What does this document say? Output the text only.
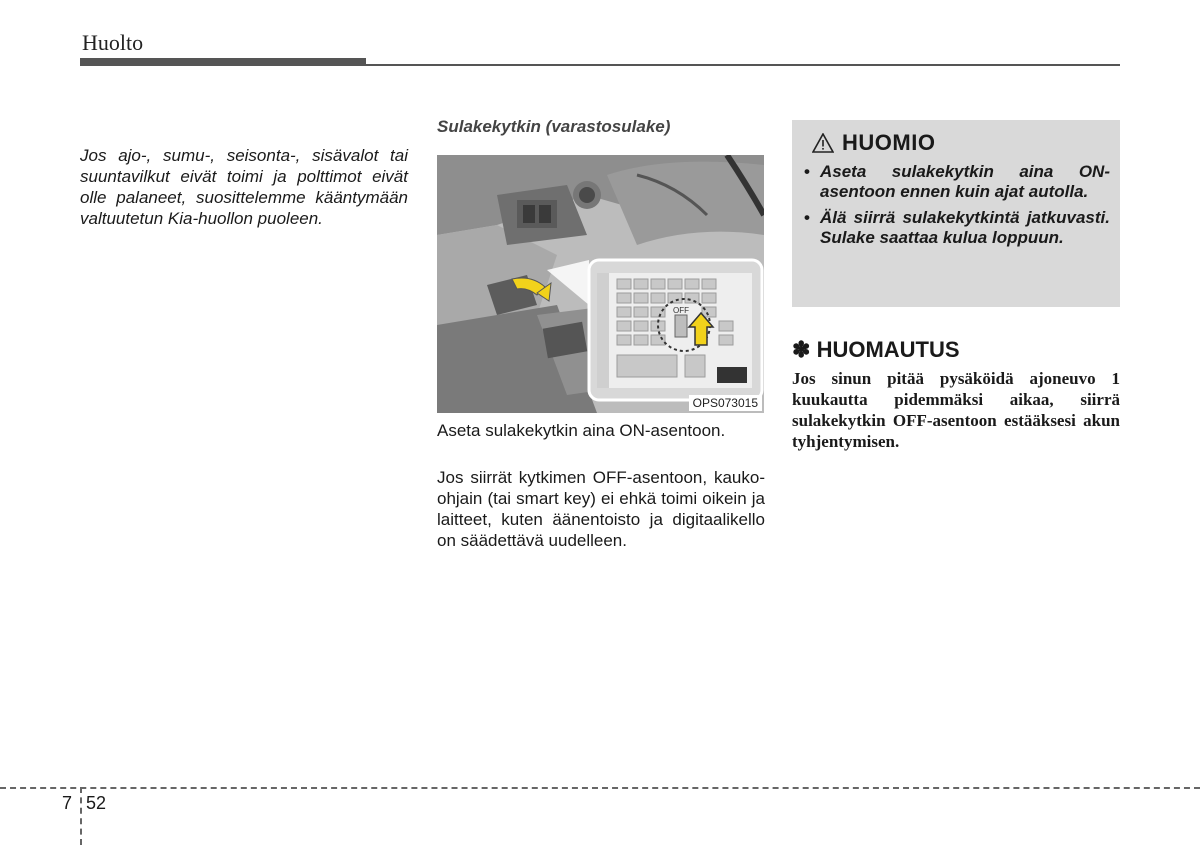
Huolto
Jos ajo-, sumu-, seisonta-, sisävalot tai suuntavilkut eivät toimi ja polttimot eivät olle palaneet, suosittelemme kääntymään valtuutetun Kia-huollon puoleen.
Sulakekytkin (varastosulake)
OFF
OPS073015
Aseta sulakekytkin aina ON-asentoon.
Jos siirrät kytkimen OFF-asentoon, kauko-ohjain (tai smart key) ei ehkä toimi oikein ja laitteet, kuten äänentoisto ja digitaalikello on säädettävä uudelleen.
HUOMIO
• Aseta sulakekytkin aina ON-asentoon ennen kuin ajat autolla.
• Älä siirrä sulakekytkintä jatkuvasti. Sulake saattaa kulua loppuun.
✽ HUOMAUTUS
Jos sinun pitää pysäköidä ajoneuvo 1 kuukautta pidemmäksi aikaa, siirrä sulakekytkin OFF-asentoon estääksesi akun tyhjentymisen.
7 52
